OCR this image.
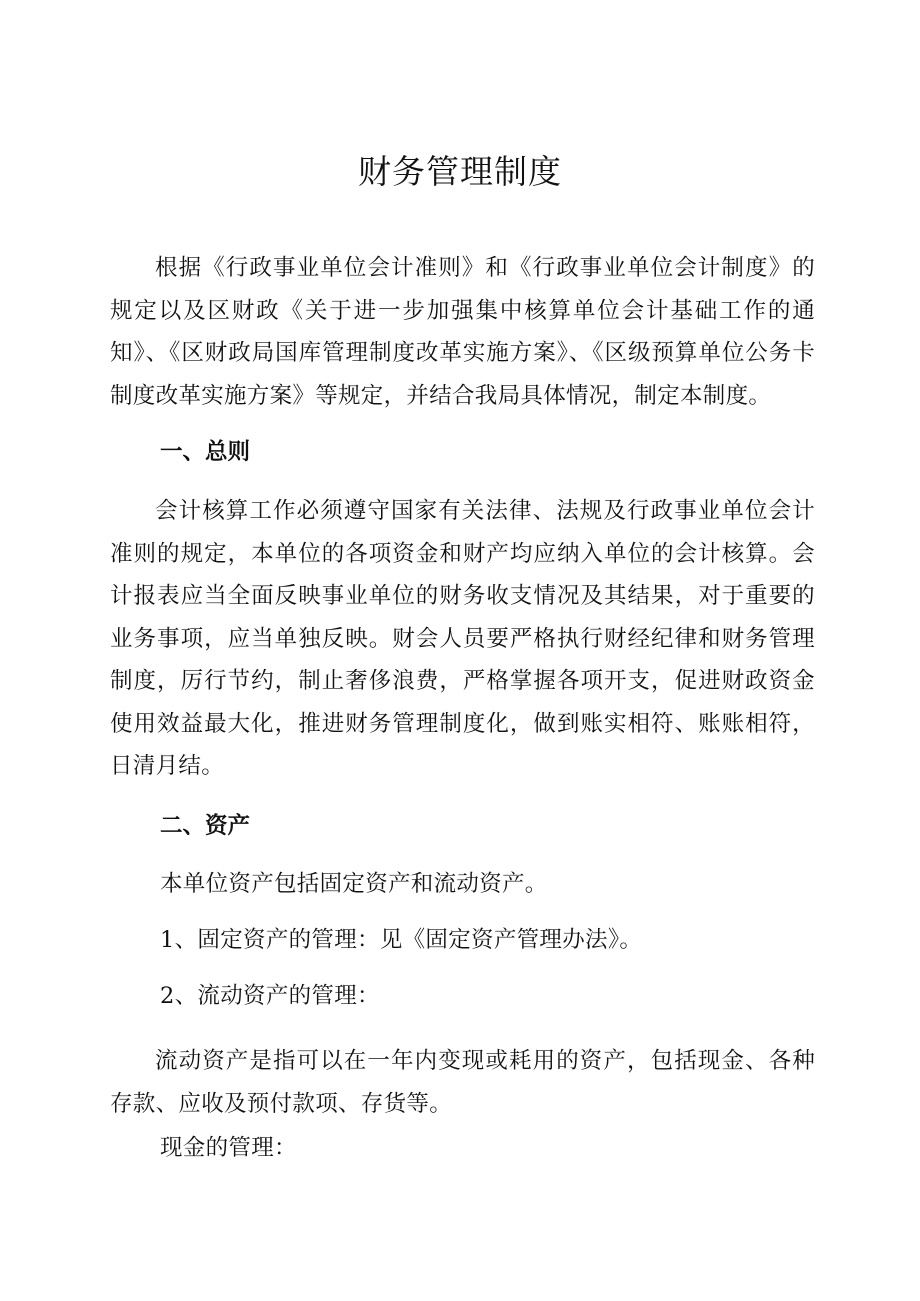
财务管理制度

根据《行政事业单位会计准则》和《行政事业单位会计制度》的规定以及区财政《关于进一步加强集中核算单位会计基础工作的通知》、《区财政局国库管理制度改革实施方案》、《区级预算单位公务卡制度改革实施方案》等规定，并结合我局具体情况，制定本制度。

一、总则

会计核算工作必须遵守国家有关法律、法规及行政事业单位会计准则的规定，本单位的各项资金和财产均应纳入单位的会计核算。会计报表应当全面反映事业单位的财务收支情况及其结果，对于重要的业务事项，应当单独反映。财会人员要严格执行财经纪律和财务管理制度，厉行节约，制止奢侈浪费，严格掌握各项开支，促进财政资金使用效益最大化，推进财务管理制度化，做到账实相符、账账相符，日清月结。

二、资产

本单位资产包括固定资产和流动资产。

1、固定资产的管理：见《固定资产管理办法》。

2、流动资产的管理：

流动资产是指可以在一年内变现或耗用的资产，包括现金、各种存款、应收及预付款项、存货等。

现金的管理：
